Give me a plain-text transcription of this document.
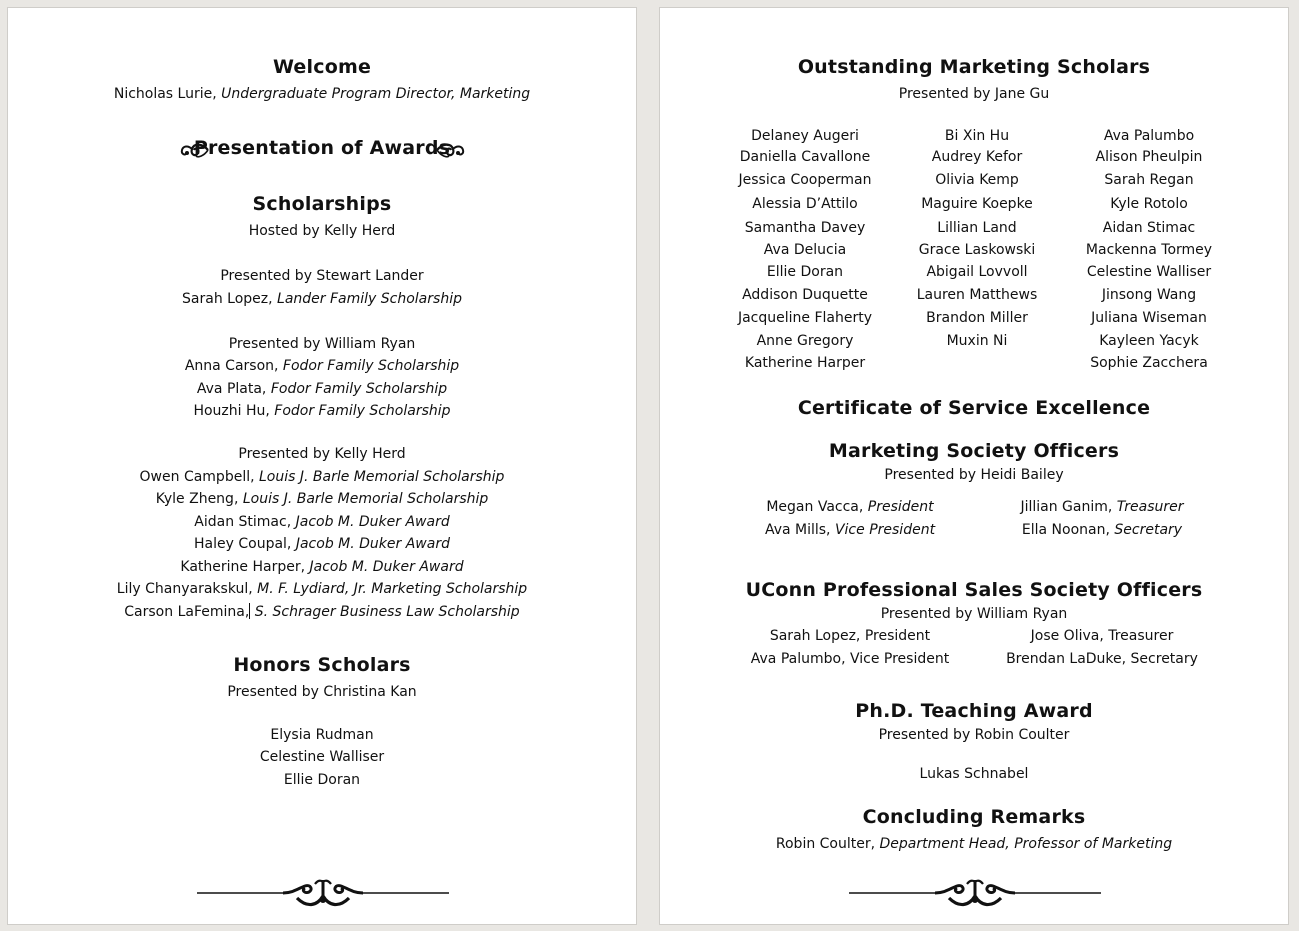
Welcome
Nicholas Lurie, Undergraduate Program Director, Marketing
Presentation of Awards
Scholarships
Hosted by Kelly Herd
Presented by Stewart Lander
Sarah Lopez, Lander Family Scholarship
Presented by William Ryan
Anna Carson, Fodor Family Scholarship
Ava Plata, Fodor Family Scholarship
Houzhi Hu, Fodor Family Scholarship
Presented by Kelly Herd
Owen Campbell, Louis J. Barle Memorial Scholarship
Kyle Zheng, Louis J. Barle Memorial Scholarship
Aidan Stimac, Jacob M. Duker Award
Haley Coupal, Jacob M. Duker Award
Katherine Harper, Jacob M. Duker Award
Lily Chanyarakskul, M. F. Lydiard, Jr. Marketing Scholarship
Carson LaFemina, S. Schrager Business Law Scholarship
Honors Scholars
Presented by Christina Kan
Elysia Rudman
Celestine Walliser
Ellie Doran
Outstanding Marketing Scholars
Presented by Jane Gu
Delaney Augeri
Daniella Cavallone
Jessica Cooperman
Alessia D’Attilo
Samantha Davey
Ava Delucia
Ellie Doran
Addison Duquette
Jacqueline Flaherty
Anne Gregory
Katherine Harper
Bi Xin Hu
Audrey Kefor
Olivia Kemp
Maguire Koepke
Lillian Land
Grace Laskowski
Abigail Lovvoll
Lauren Matthews
Brandon Miller
Muxin Ni
Ava Palumbo
Alison Pheulpin
Sarah Regan
Kyle Rotolo
Aidan Stimac
Mackenna Tormey
Celestine Walliser
Jinsong Wang
Juliana Wiseman
Kayleen Yacyk
Sophie Zacchera
Certificate of Service Excellence
Marketing Society Officers
Presented by Heidi Bailey
Megan Vacca, President
Ava Mills, Vice President
Jillian Ganim, Treasurer
Ella Noonan, Secretary
UConn Professional Sales Society Officers
Presented by William Ryan
Sarah Lopez, President
Ava Palumbo, Vice President
Jose Oliva, Treasurer
Brendan LaDuke, Secretary
Ph.D. Teaching Award
Presented by Robin Coulter
Lukas Schnabel
Concluding Remarks
Robin Coulter, Department Head, Professor of Marketing
